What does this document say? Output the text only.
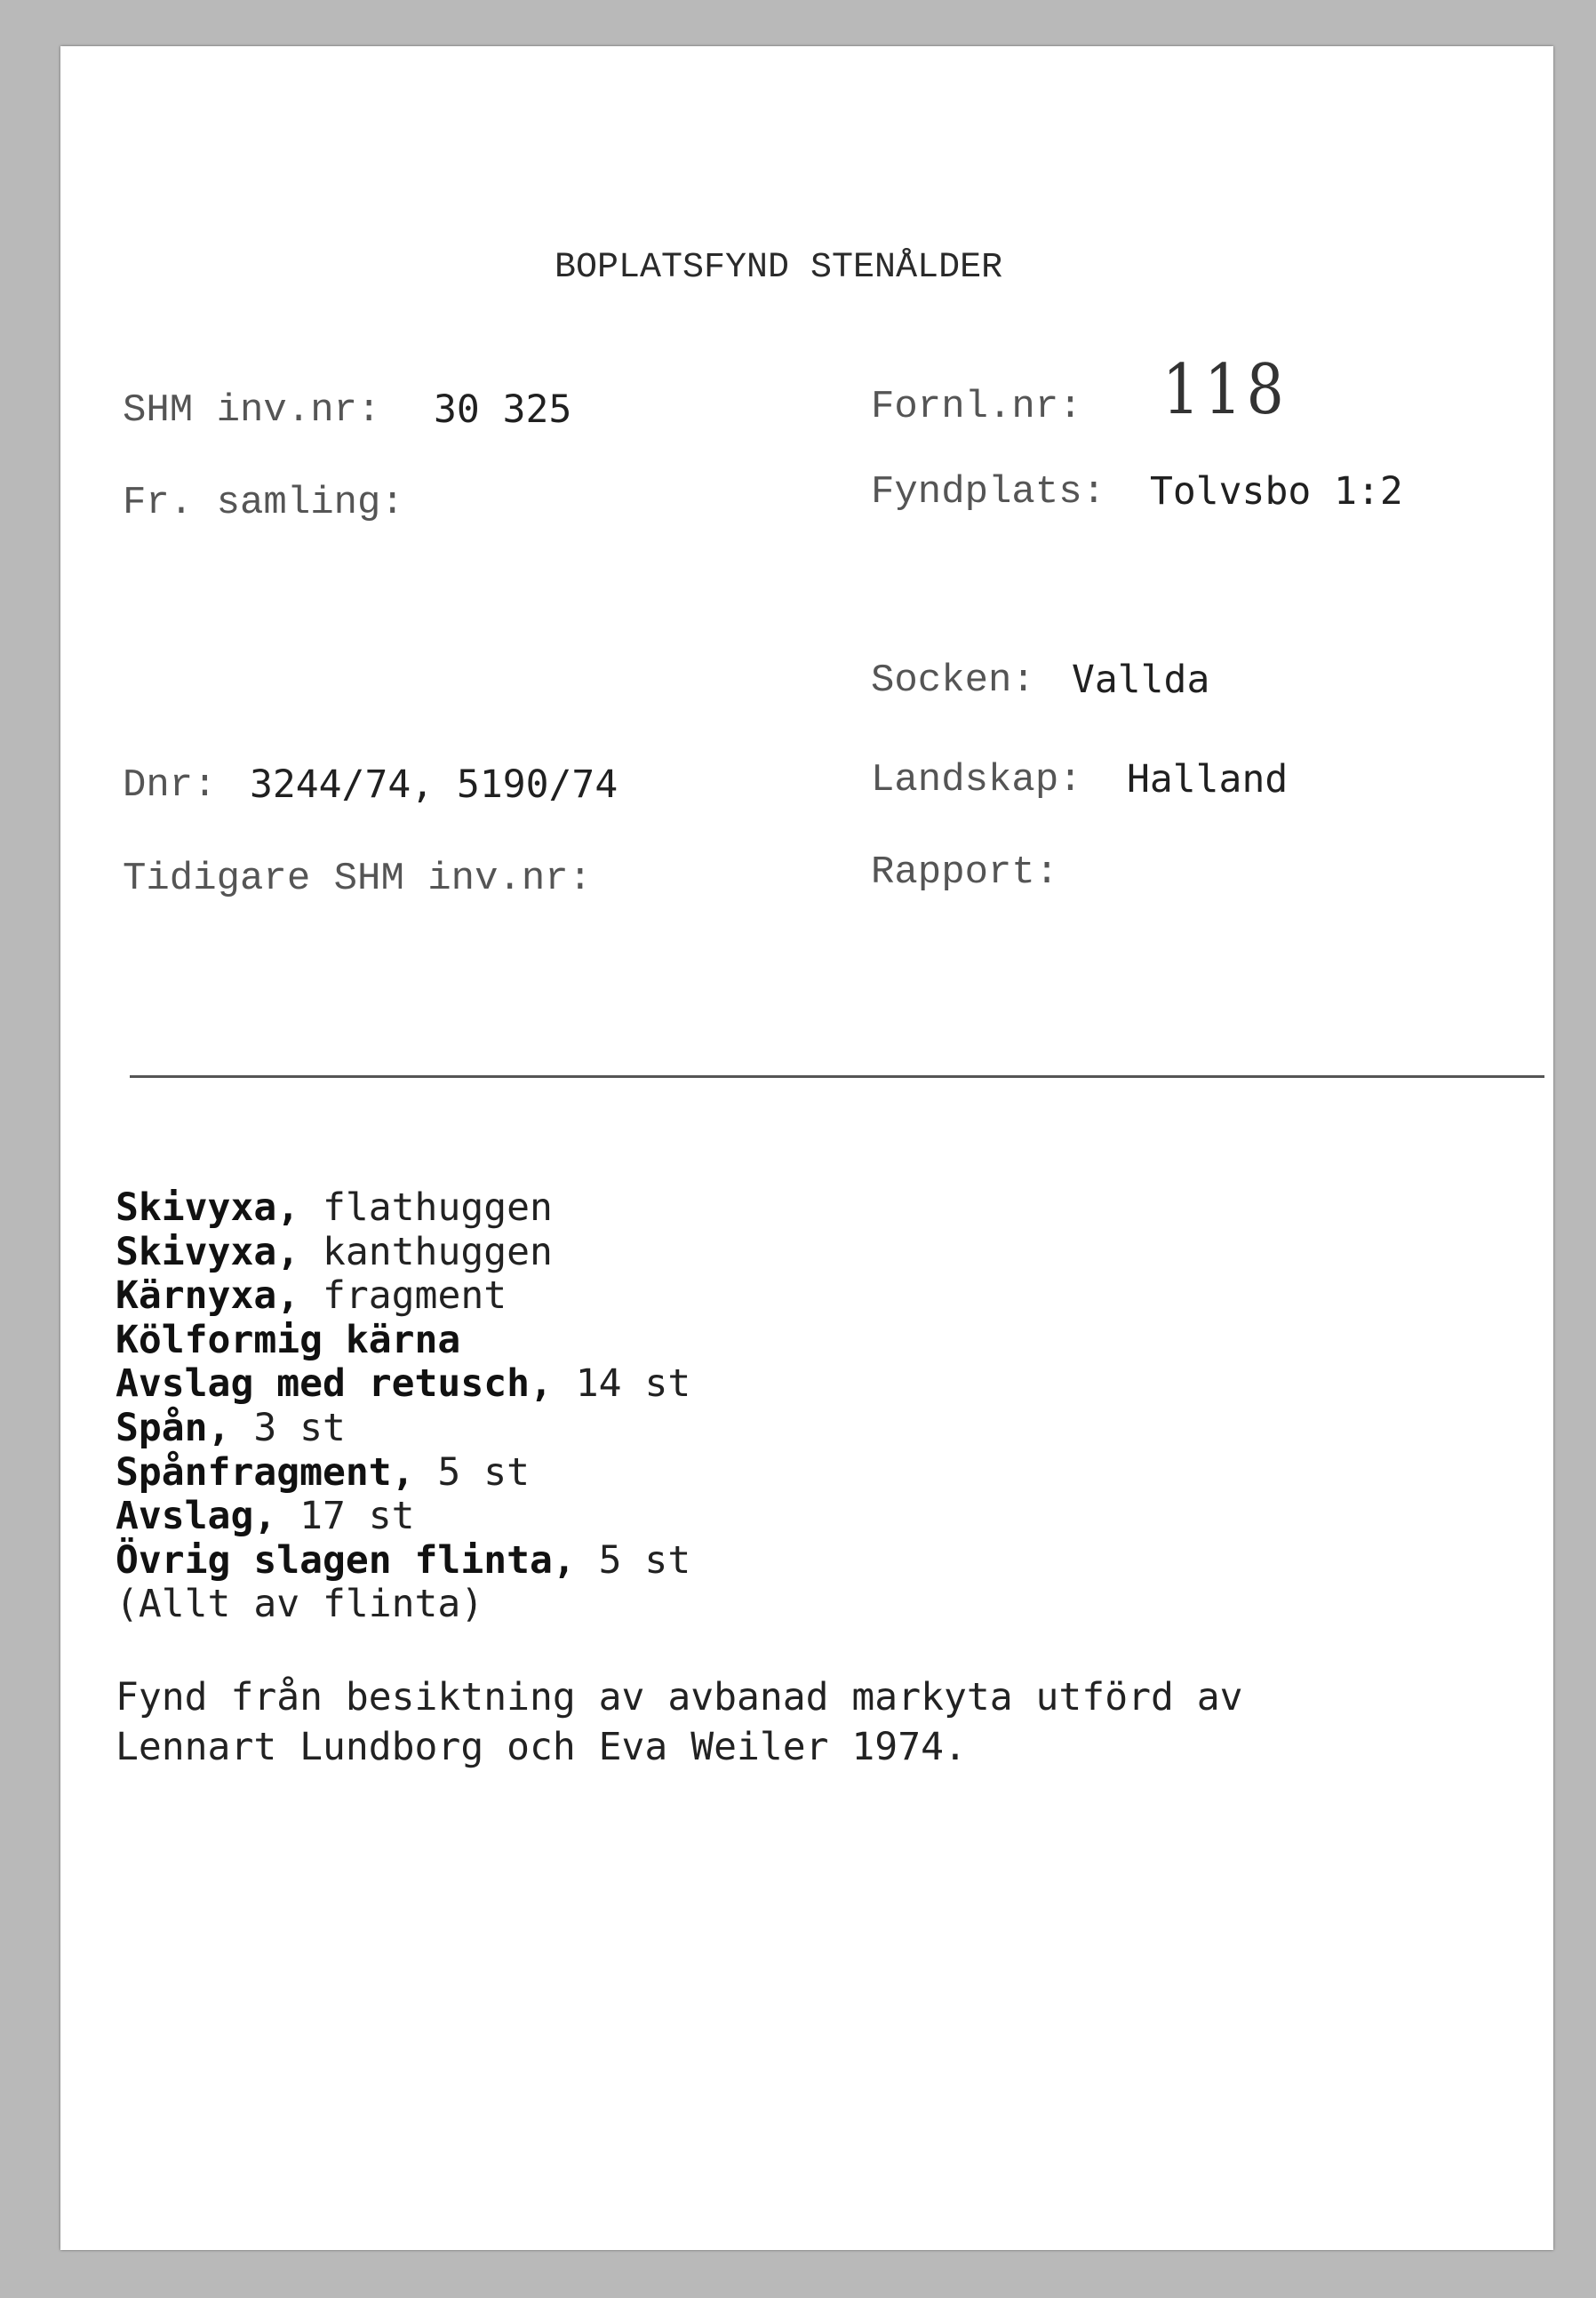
BOPLATSFYND STENÅLDER
SHM inv.nr: 30 325
Fr. samling:
Dnr: 3244/74, 5190/74
Tidigare SHM inv.nr:
Fornl.nr: 118
Fyndplats: Tolvsbo 1:2
Socken: Vallda
Landskap: Halland
Rapport:
Skivyxa, flathuggen
Skivyxa, kanthuggen
Kärnyxa, fragment
Kölformig kärna
Avslag med retusch, 14 st
Spån, 3 st
Spånfragment, 5 st
Avslag, 17 st
Övrig slagen flinta, 5 st
(Allt av flinta)
Fynd från besiktning av avbanad markyta utförd av
Lennart Lundborg och Eva Weiler 1974.
